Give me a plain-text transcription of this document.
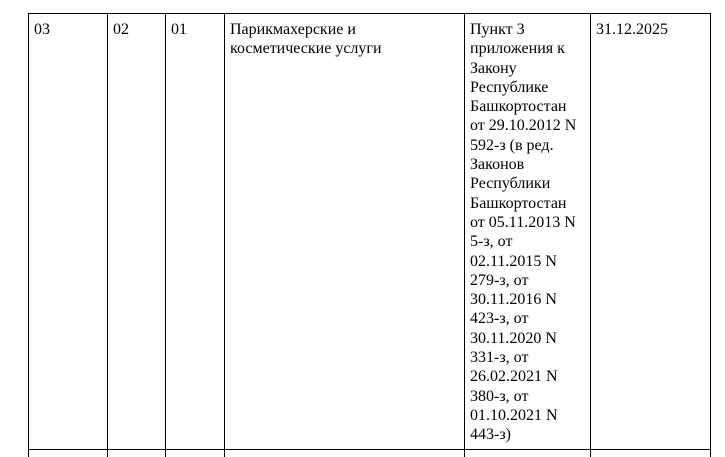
03	02	01	Парикмахерские и косметические услуги	Пункт 3 приложения к Закону Республике Башкортостан от 29.10.2012 N 592-з (в ред. Законов Республики Башкортостан от 05.11.2013 N 5-з, от 02.11.2015 N 279-з, от 30.11.2016 N 423-з, от 30.11.2020 N 331-з, от 26.02.2021 N 380-з, от 01.10.2021 N 443-з)	31.12.2025
